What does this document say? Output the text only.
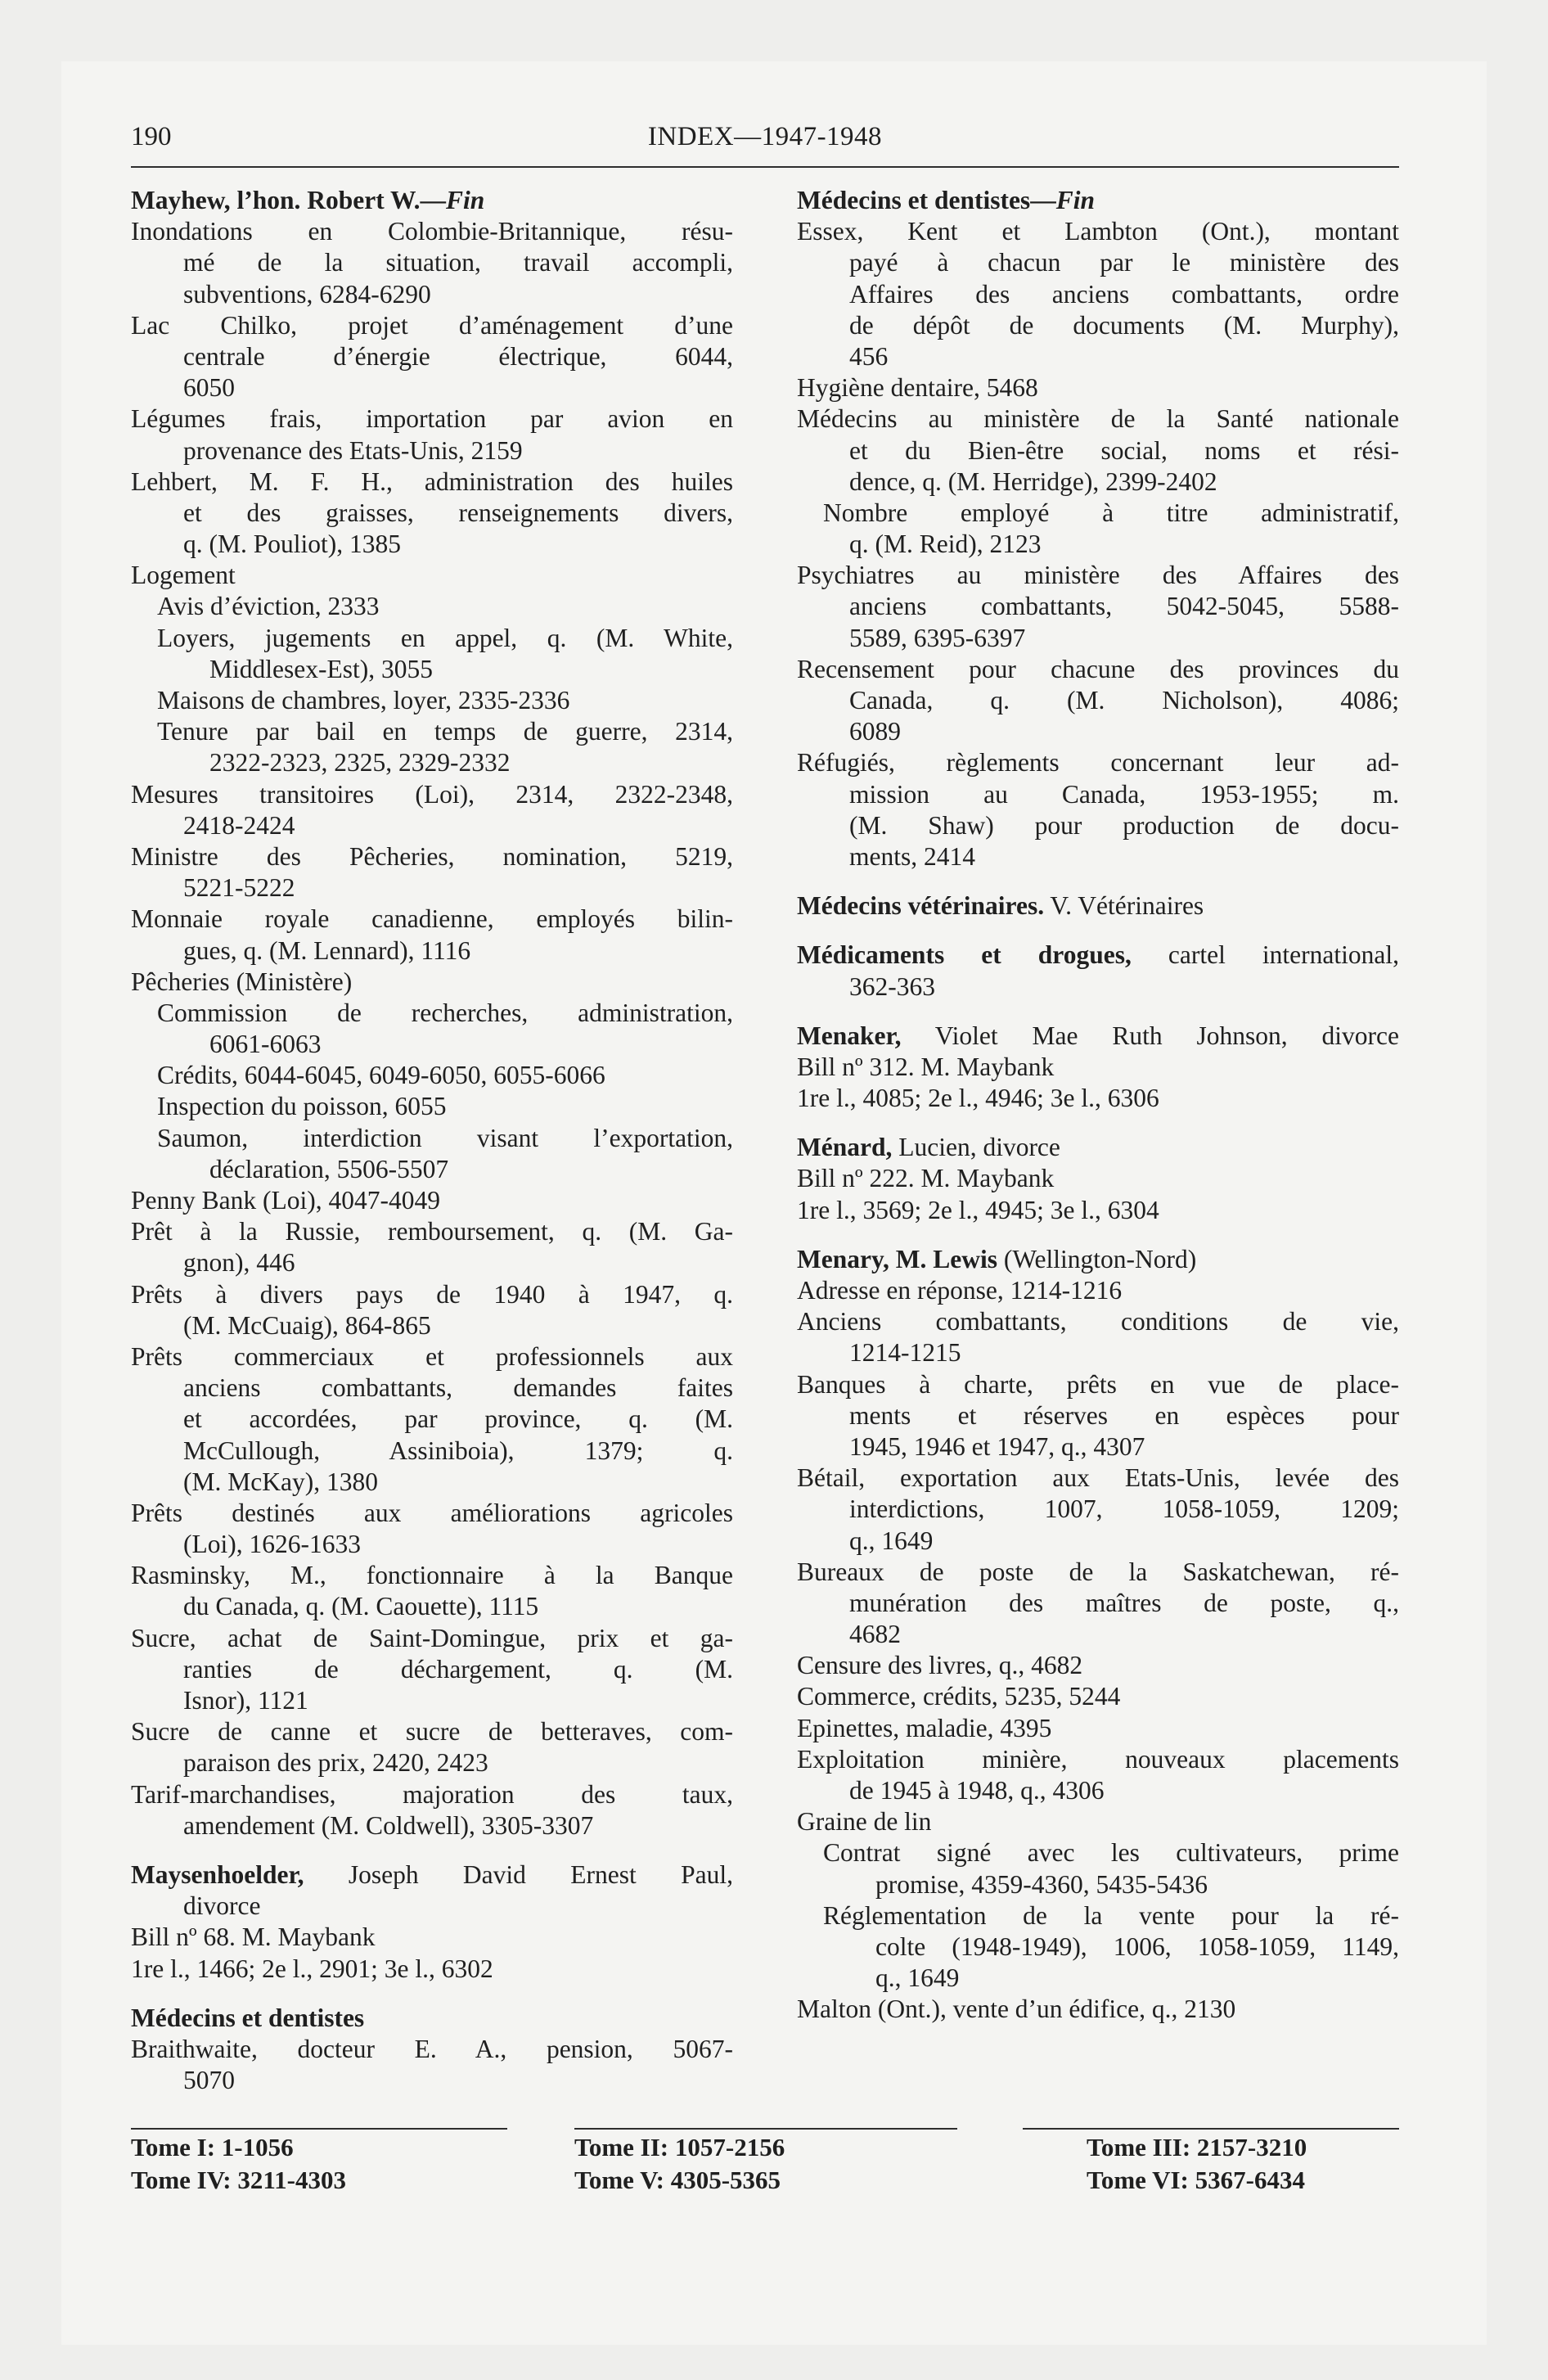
190	INDEX—1947-1948
Mayhew, l’hon. Robert W.—Fin
Inondations en Colombie-Britannique, résu-
mé de la situation, travail accompli,
subventions, 6284-6290
Lac Chilko, projet d’aménagement d’une
centrale d’énergie électrique, 6044,
6050
Légumes frais, importation par avion en
provenance des Etats-Unis, 2159
Lehbert, M. F. H., administration des huiles
et des graisses, renseignements divers,
q. (M. Pouliot), 1385
Logement
Avis d’éviction, 2333
Loyers, jugements en appel, q. (M. White,
Middlesex-Est), 3055
Maisons de chambres, loyer, 2335-2336
Tenure par bail en temps de guerre, 2314,
2322-2323, 2325, 2329-2332
Mesures transitoires (Loi), 2314, 2322-2348,
2418-2424
Ministre des Pêcheries, nomination, 5219,
5221-5222
Monnaie royale canadienne, employés bilin-
gues, q. (M. Lennard), 1116
Pêcheries (Ministère)
Commission de recherches, administration,
6061-6063
Crédits, 6044-6045, 6049-6050, 6055-6066
Inspection du poisson, 6055
Saumon, interdiction visant l’exportation,
déclaration, 5506-5507
Penny Bank (Loi), 4047-4049
Prêt à la Russie, remboursement, q. (M. Ga-
gnon), 446
Prêts à divers pays de 1940 à 1947, q.
(M. McCuaig), 864-865
Prêts commerciaux et professionnels aux
anciens combattants, demandes faites
et accordées, par province, q. (M.
McCullough, Assiniboia), 1379; q.
(M. McKay), 1380
Prêts destinés aux améliorations agricoles
(Loi), 1626-1633
Rasminsky, M., fonctionnaire à la Banque
du Canada, q. (M. Caouette), 1115
Sucre, achat de Saint-Domingue, prix et ga-
ranties de déchargement, q. (M.
Isnor), 1121
Sucre de canne et sucre de betteraves, com-
paraison des prix, 2420, 2423
Tarif-marchandises, majoration des taux,
amendement (M. Coldwell), 3305-3307
Maysenhoelder, Joseph David Ernest Paul,
divorce
Bill nº 68. M. Maybank
1re l., 1466; 2e l., 2901; 3e l., 6302
Médecins et dentistes
Braithwaite, docteur E. A., pension, 5067-
5070
Médecins et dentistes—Fin
Essex, Kent et Lambton (Ont.), montant
payé à chacun par le ministère des
Affaires des anciens combattants, ordre
de dépôt de documents (M. Murphy),
456
Hygiène dentaire, 5468
Médecins au ministère de la Santé nationale
et du Bien-être social, noms et rési-
dence, q. (M. Herridge), 2399-2402
Nombre employé à titre administratif,
q. (M. Reid), 2123
Psychiatres au ministère des Affaires des
anciens combattants, 5042-5045, 5588-
5589, 6395-6397
Recensement pour chacune des provinces du
Canada, q. (M. Nicholson), 4086;
6089
Réfugiés, règlements concernant leur ad-
mission au Canada, 1953-1955; m.
(M. Shaw) pour production de docu-
ments, 2414
Médecins vétérinaires. V. Vétérinaires
Médicaments et drogues, cartel international,
362-363
Menaker, Violet Mae Ruth Johnson, divorce
Bill nº 312. M. Maybank
1re l., 4085; 2e l., 4946; 3e l., 6306
Ménard, Lucien, divorce
Bill nº 222. M. Maybank
1re l., 3569; 2e l., 4945; 3e l., 6304
Menary, M. Lewis (Wellington-Nord)
Adresse en réponse, 1214-1216
Anciens combattants, conditions de vie,
1214-1215
Banques à charte, prêts en vue de place-
ments et réserves en espèces pour
1945, 1946 et 1947, q., 4307
Bétail, exportation aux Etats-Unis, levée des
interdictions, 1007, 1058-1059, 1209;
q., 1649
Bureaux de poste de la Saskatchewan, ré-
munération des maîtres de poste, q.,
4682
Censure des livres, q., 4682
Commerce, crédits, 5235, 5244
Epinettes, maladie, 4395
Exploitation minière, nouveaux placements
de 1945 à 1948, q., 4306
Graine de lin
Contrat signé avec les cultivateurs, prime
promise, 4359-4360, 5435-5436
Réglementation de la vente pour la ré-
colte (1948-1949), 1006, 1058-1059, 1149,
q., 1649
Malton (Ont.), vente d’un édifice, q., 2130
Tome I: 1-1056	Tome II: 1057-2156	Tome III: 2157-3210
Tome IV: 3211-4303	Tome V: 4305-5365	Tome VI: 5367-6434
